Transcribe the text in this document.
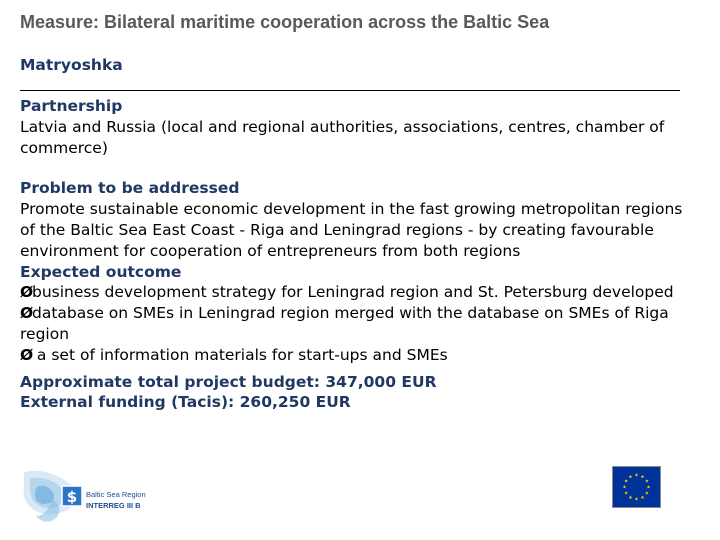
Measure: Bilateral maritime cooperation across the Baltic Sea
Matryoshka

Partnership

Latvia and Russia (local and regional authorities, associations, centres, chamber of commerce)

Problem to be addressed

Promote sustainable economic development in the fast growing metropolitan regions of the Baltic Sea East Coast - Riga and Leningrad regions - by creating favourable environment for cooperation of entrepreneurs from both regions

Expected outcome

Øbusiness development strategy for Leningrad region and St. Petersburg developed

Ødatabase on SMEs in Leningrad region merged with the database on SMEs of Riga region

Ø a set of information materials for start-ups and SMEs

Approximate total project budget: 347,000 EUR

External funding (Tacis): 260,250 EUR

$ Baltic Sea Region
INTERREG III B
